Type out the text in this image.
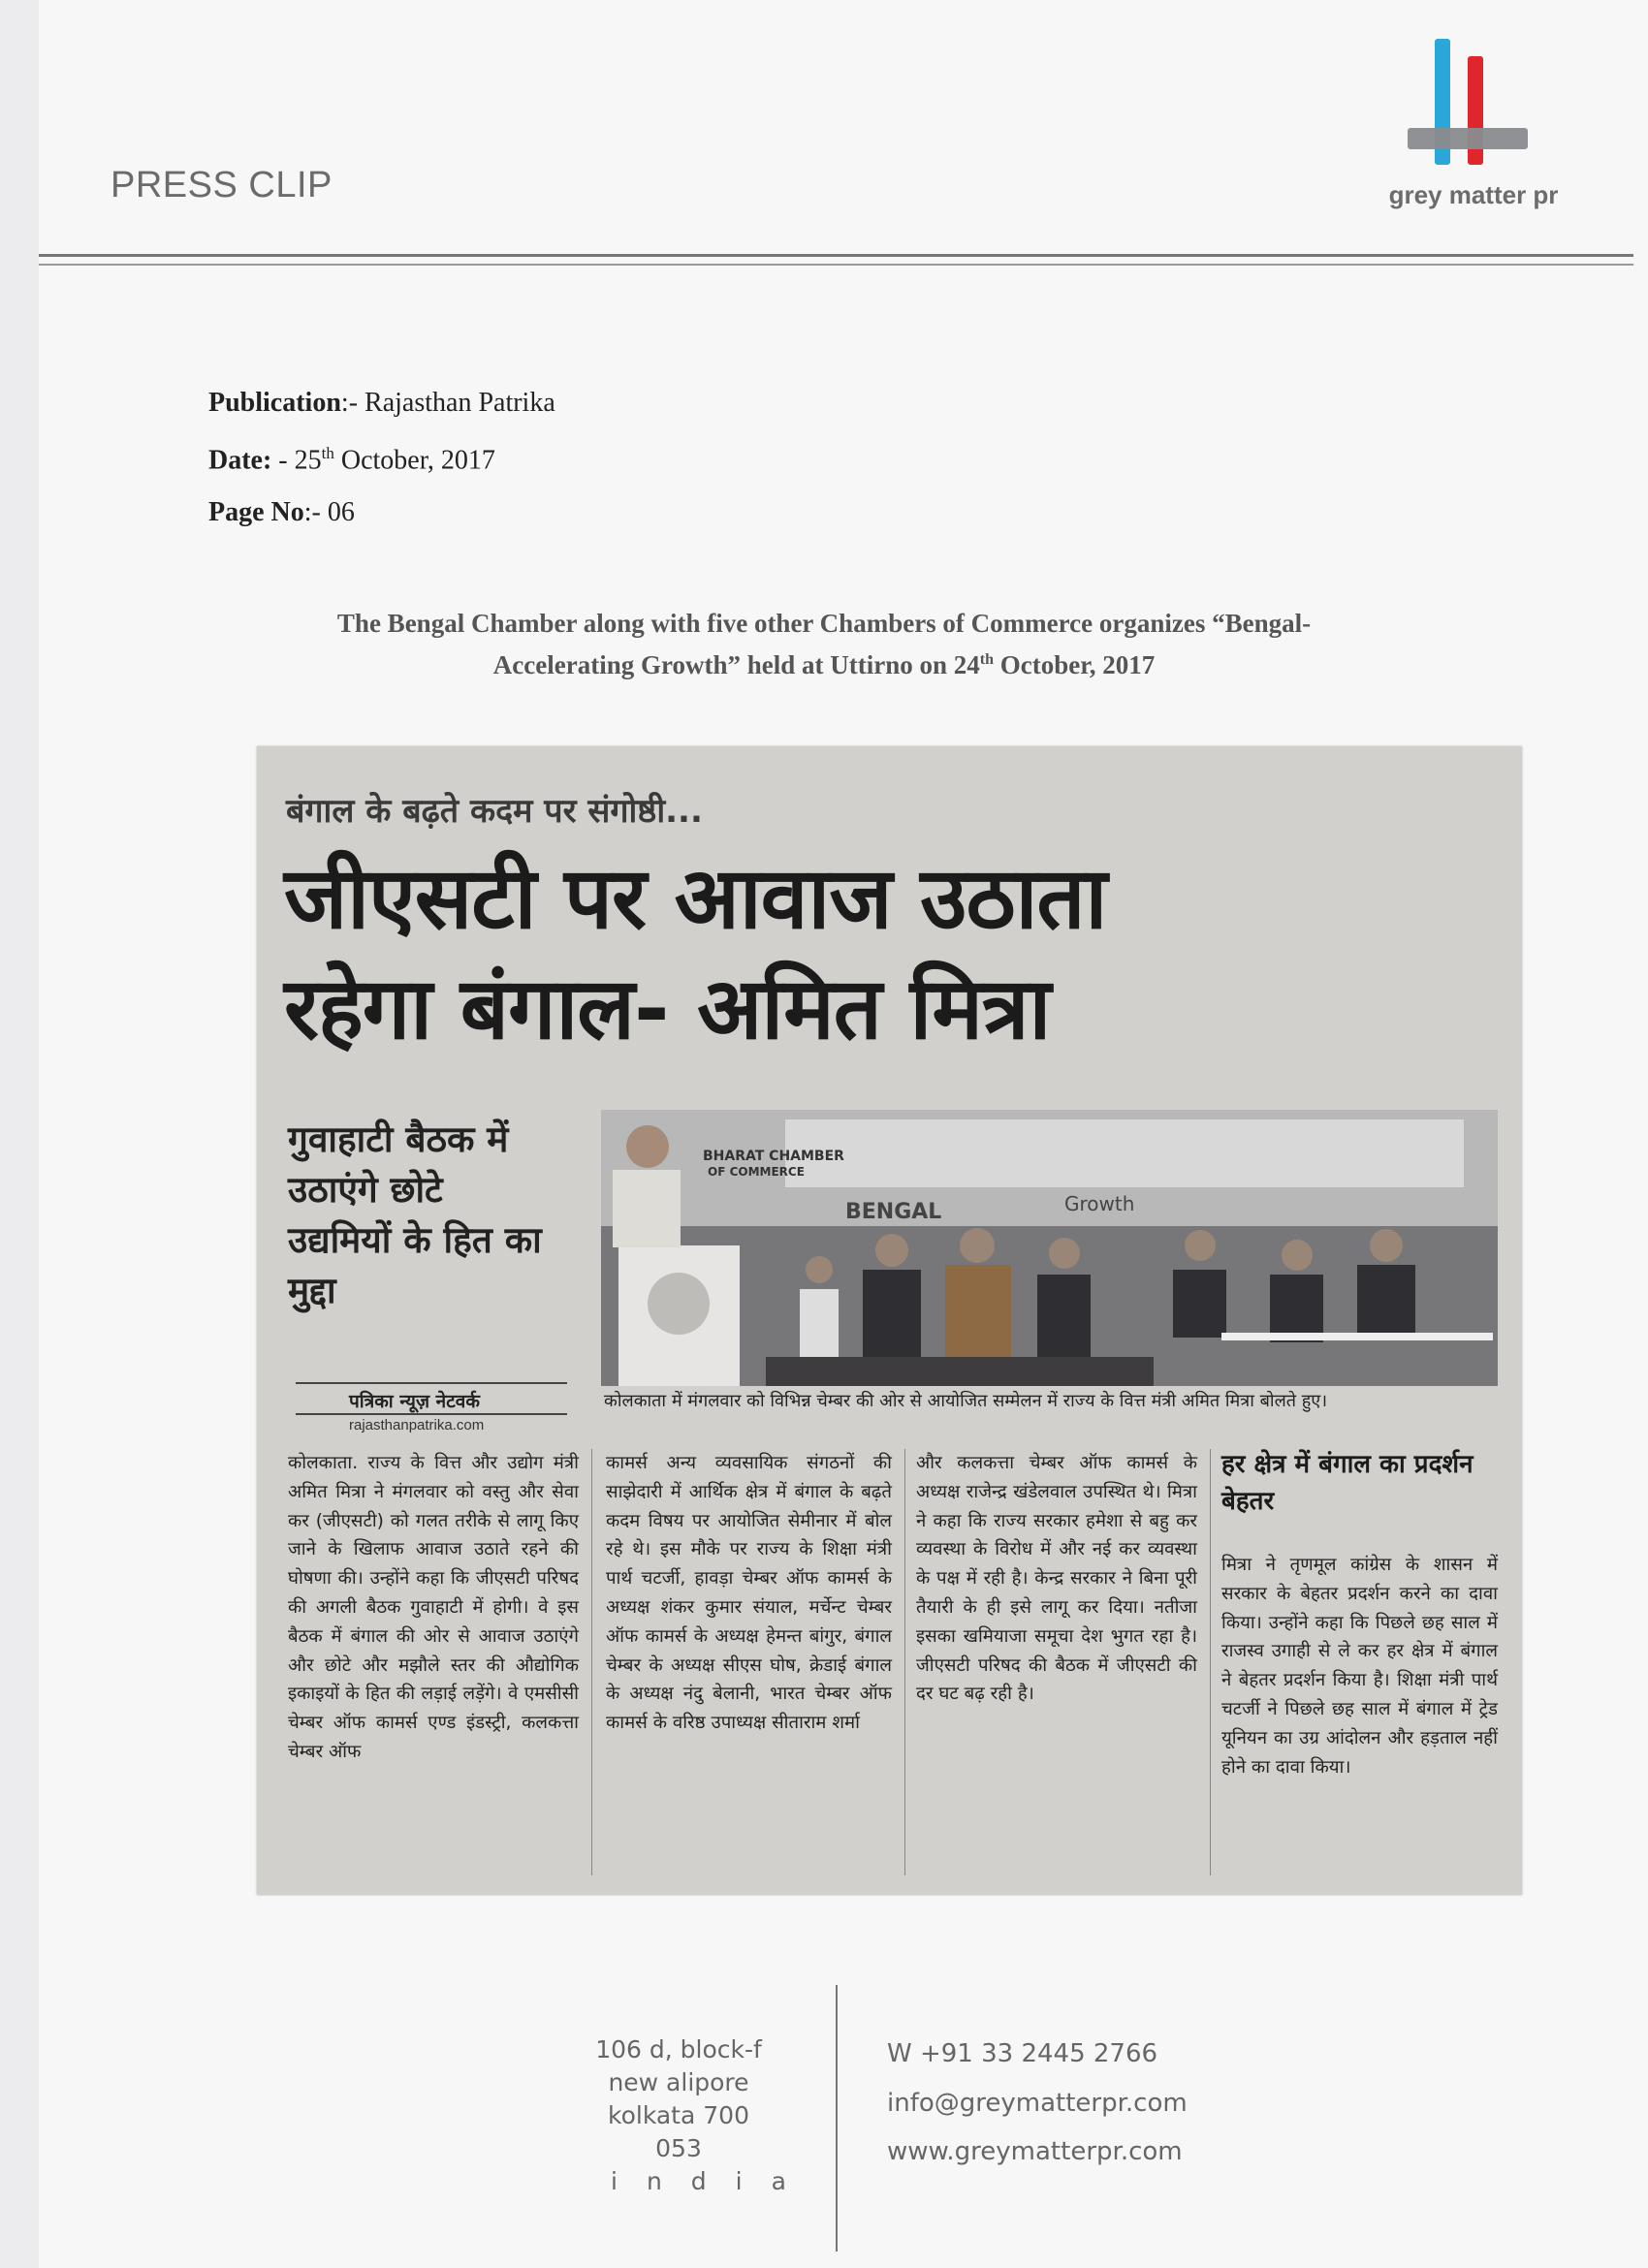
PRESS CLIP	grey matter pr
Publication:- Rajasthan Patrika
Date: - 25th October, 2017
Page No:- 06
The Bengal Chamber along with five other Chambers of Commerce organizes “Bengal-
Accelerating Growth” held at Uttirno on 24th October, 2017
बंगाल के बढ़ते कदम पर संगोष्ठी...
जीएसटी पर आवाज उठाता
रहेगा बंगाल- अमित मित्रा
गुवाहाटी बैठक में उठाएंगे छोटे उद्यमियों के हित का मुद्दा
BHARAT CHAMBER
OF COMMERCE
BENGAL	Growth
कोलकाता में मंगलवार को विभिन्न चेम्बर की ओर से आयोजित सम्मेलन में राज्य के वित्त मंत्री अमित मित्रा बोलते हुए।
पत्रिका न्यूज़ नेटवर्क
rajasthanpatrika.com
कोलकाता. राज्य के वित्त और उद्योग मंत्री अमित मित्रा ने मंगलवार को वस्तु और सेवा कर (जीएसटी) को गलत तरीके से लागू किए जाने के खिलाफ आवाज उठाते रहने की घोषणा की। उन्होंने कहा कि जीएसटी परिषद की अगली बैठक गुवाहाटी में होगी। वे इस बैठक में बंगाल की ओर से आवाज उठाएंगे और छोटे और मझौले स्तर की औद्योगिक इकाइयों के हित की लड़ाई लड़ेंगे। वे एमसीसी चेम्बर ऑफ कामर्स एण्ड इंडस्ट्री, कलकत्ता चेम्बर ऑफ
कामर्स अन्य व्यवसायिक संगठनों की साझेदारी में आर्थिक क्षेत्र में बंगाल के बढ़ते कदम विषय पर आयोजित सेमीनार में बोल रहे थे। इस मौके पर राज्य के शिक्षा मंत्री पार्थ चटर्जी, हावड़ा चेम्बर ऑफ कामर्स के अध्यक्ष शंकर कुमार संयाल, मर्चेन्ट चेम्बर ऑफ कामर्स के अध्यक्ष हेमन्त बांगुर, बंगाल चेम्बर के अध्यक्ष सीएस घोष, क्रेडाई बंगाल के अध्यक्ष नंदु बेलानी, भारत चेम्बर ऑफ कामर्स के वरिष्ठ उपाध्यक्ष सीताराम शर्मा
और कलकत्ता चेम्बर ऑफ कामर्स के अध्यक्ष राजेन्द्र खंडेलवाल उपस्थित थे। मित्रा ने कहा कि राज्य सरकार हमेशा से बहु कर व्यवस्था के विरोध में और नई कर व्यवस्था के पक्ष में रही है। केन्द्र सरकार ने बिना पूरी तैयारी के ही इसे लागू कर दिया। नतीजा इसका खमियाजा समूचा देश भुगत रहा है। जीएसटी परिषद की बैठक में जीएसटी की दर घट बढ़ रही है।
हर क्षेत्र में बंगाल का प्रदर्शन बेहतर
मित्रा ने तृणमूल कांग्रेस के शासन में सरकार के बेहतर प्रदर्शन करने का दावा किया। उन्होंने कहा कि पिछले छह साल में राजस्व उगाही से ले कर हर क्षेत्र में बंगाल ने बेहतर प्रदर्शन किया है। शिक्षा मंत्री पार्थ चटर्जी ने पिछले छह साल में बंगाल में ट्रेड यूनियन का उग्र आंदोलन और हड़ताल नहीं होने का दावा किया।
106 d, block-f
new alipore
kolkata 700 053
india
W +91 33 2445 2766
info@greymatterpr.com
www.greymatterpr.com
